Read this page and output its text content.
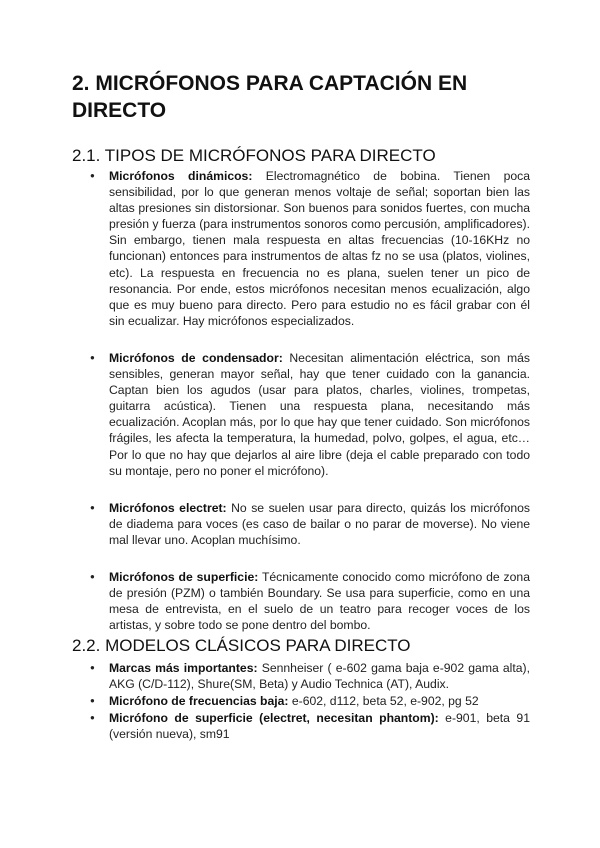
2. MICRÓFONOS PARA CAPTACIÓN EN DIRECTO
2.1. TIPOS DE MICRÓFONOS PARA DIRECTO
● Micrófonos dinámicos: Electromagnético de bobina. Tienen poca sensibilidad, por lo que generan menos voltaje de señal; soportan bien las altas presiones sin distorsionar. Son buenos para sonidos fuertes, con mucha presión y fuerza (para instrumentos sonoros como percusión, amplificadores). Sin embargo, tienen mala respuesta en altas frecuencias (10-16KHz no funcionan) entonces para instrumentos de altas fz no se usa (platos, violines, etc). La respuesta en frecuencia no es plana, suelen tener un pico de resonancia. Por ende, estos micrófonos necesitan menos ecualización, algo que es muy bueno para directo. Pero para estudio no es fácil grabar con él sin ecualizar. Hay micrófonos especializados.
● Micrófonos de condensador: Necesitan alimentación eléctrica, son más sensibles, generan mayor señal, hay que tener cuidado con la ganancia. Captan bien los agudos (usar para platos, charles, violines, trompetas, guitarra acústica). Tienen una respuesta plana, necesitando más ecualización. Acoplan más, por lo que hay que tener cuidado. Son micrófonos frágiles, les afecta la temperatura, la humedad, polvo, golpes, el agua, etc… Por lo que no hay que dejarlos al aire libre (deja el cable preparado con todo su montaje, pero no poner el micrófono).
● Micrófonos electret: No se suelen usar para directo, quizás los micrófonos de diadema para voces (es caso de bailar o no parar de moverse). No viene mal llevar uno. Acoplan muchísimo.
● Micrófonos de superficie: Técnicamente conocido como micrófono de zona de presión (PZM) o también Boundary. Se usa para superficie, como en una mesa de entrevista, en el suelo de un teatro para recoger voces de los artistas, y sobre todo se pone dentro del bombo.
2.2. MODELOS CLÁSICOS PARA DIRECTO
● Marcas más importantes: Sennheiser ( e-602 gama baja e-902 gama alta), AKG (C/D-112), Shure(SM, Beta) y Audio Technica (AT), Audix.
● Micrófono de frecuencias baja: e-602, d112, beta 52, e-902, pg 52
● Micrófono de superficie (electret, necesitan phantom): e-901, beta 91 (versión nueva), sm91
